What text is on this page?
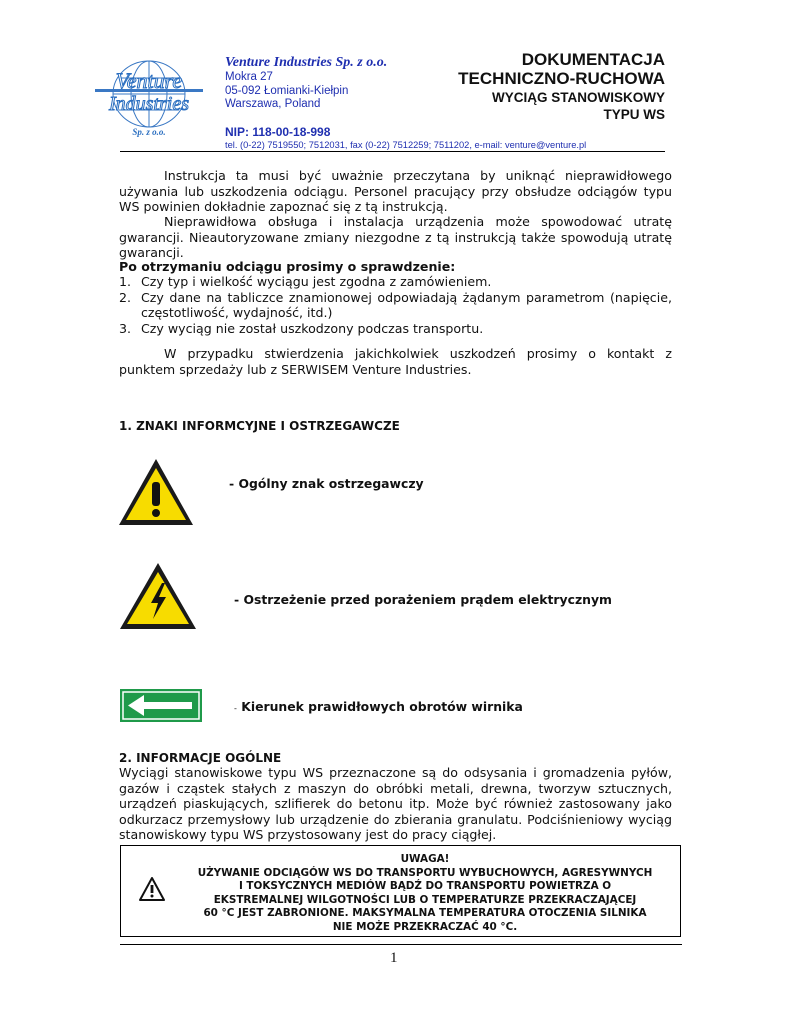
Venture
Industries
Sp. z o.o.
Venture Industries Sp. z o.o.
Mokra 27
05-092 Łomianki-Kiełpin
Warszawa, Poland
NIP: 118-00-18-998
tel. (0-22) 7519550; 7512031, fax (0-22) 7512259; 7511202, e-mail: venture@venture.pl
DOKUMENTACJA
TECHNICZNO-RUCHOWA
WYCIĄG STANOWISKOWY
TYPU WS
Instrukcja ta musi być uważnie przeczytana by uniknąć nieprawidłowego używania lub uszkodzenia odciągu. Personel pracujący przy obsłudze odciągów typu WS powinien dokładnie zapoznać się z tą instrukcją.
Nieprawidłowa obsługa i instalacja urządzenia może spowodować utratę gwarancji. Nieautoryzowane zmiany niezgodne z tą instrukcją także spowodują utratę gwarancji.
Po otrzymaniu odciągu prosimy o sprawdzenie:
1. Czy typ i wielkość wyciągu jest zgodna z zamówieniem.
2. Czy dane na tabliczce znamionowej odpowiadają żądanym parametrom (napięcie, częstotliwość, wydajność, itd.)
3. Czy wyciąg nie został uszkodzony podczas transportu.
W przypadku stwierdzenia jakichkolwiek uszkodzeń prosimy o kontakt z punktem sprzedaży lub z SERWISEM Venture Industries.
1. ZNAKI INFORMCYJNE I OSTRZEGAWCZE
- Ogólny znak ostrzegawczy
- Ostrzeżenie przed porażeniem prądem elektrycznym
- Kierunek prawidłowych obrotów wirnika
2. INFORMACJE OGÓLNE
Wyciągi stanowiskowe typu WS przeznaczone są do odsysania i gromadzenia pyłów, gazów i cząstek stałych z maszyn do obróbki metali, drewna, tworzyw sztucznych, urządzeń piaskujących, szlifierek do betonu itp. Może być również zastosowany jako odkurzacz przemysłowy lub urządzenie do zbierania granulatu. Podciśnieniowy wyciąg stanowiskowy typu WS przystosowany jest do pracy ciągłej.
UWAGA!
UŻYWANIE ODCIĄGÓW WS DO TRANSPORTU WYBUCHOWYCH, AGRESYWNYCH
I TOKSYCZNYCH MEDIÓW BĄDŹ DO TRANSPORTU POWIETRZA O
EKSTREMALNEJ WILGOTNOŚCI LUB O TEMPERATURZE PRZEKRACZAJĄCEJ
60 °C JEST ZABRONIONE. MAKSYMALNA TEMPERATURA OTOCZENIA SILNIKA
NIE MOŻE PRZEKRACZAĆ 40 °C.
1
